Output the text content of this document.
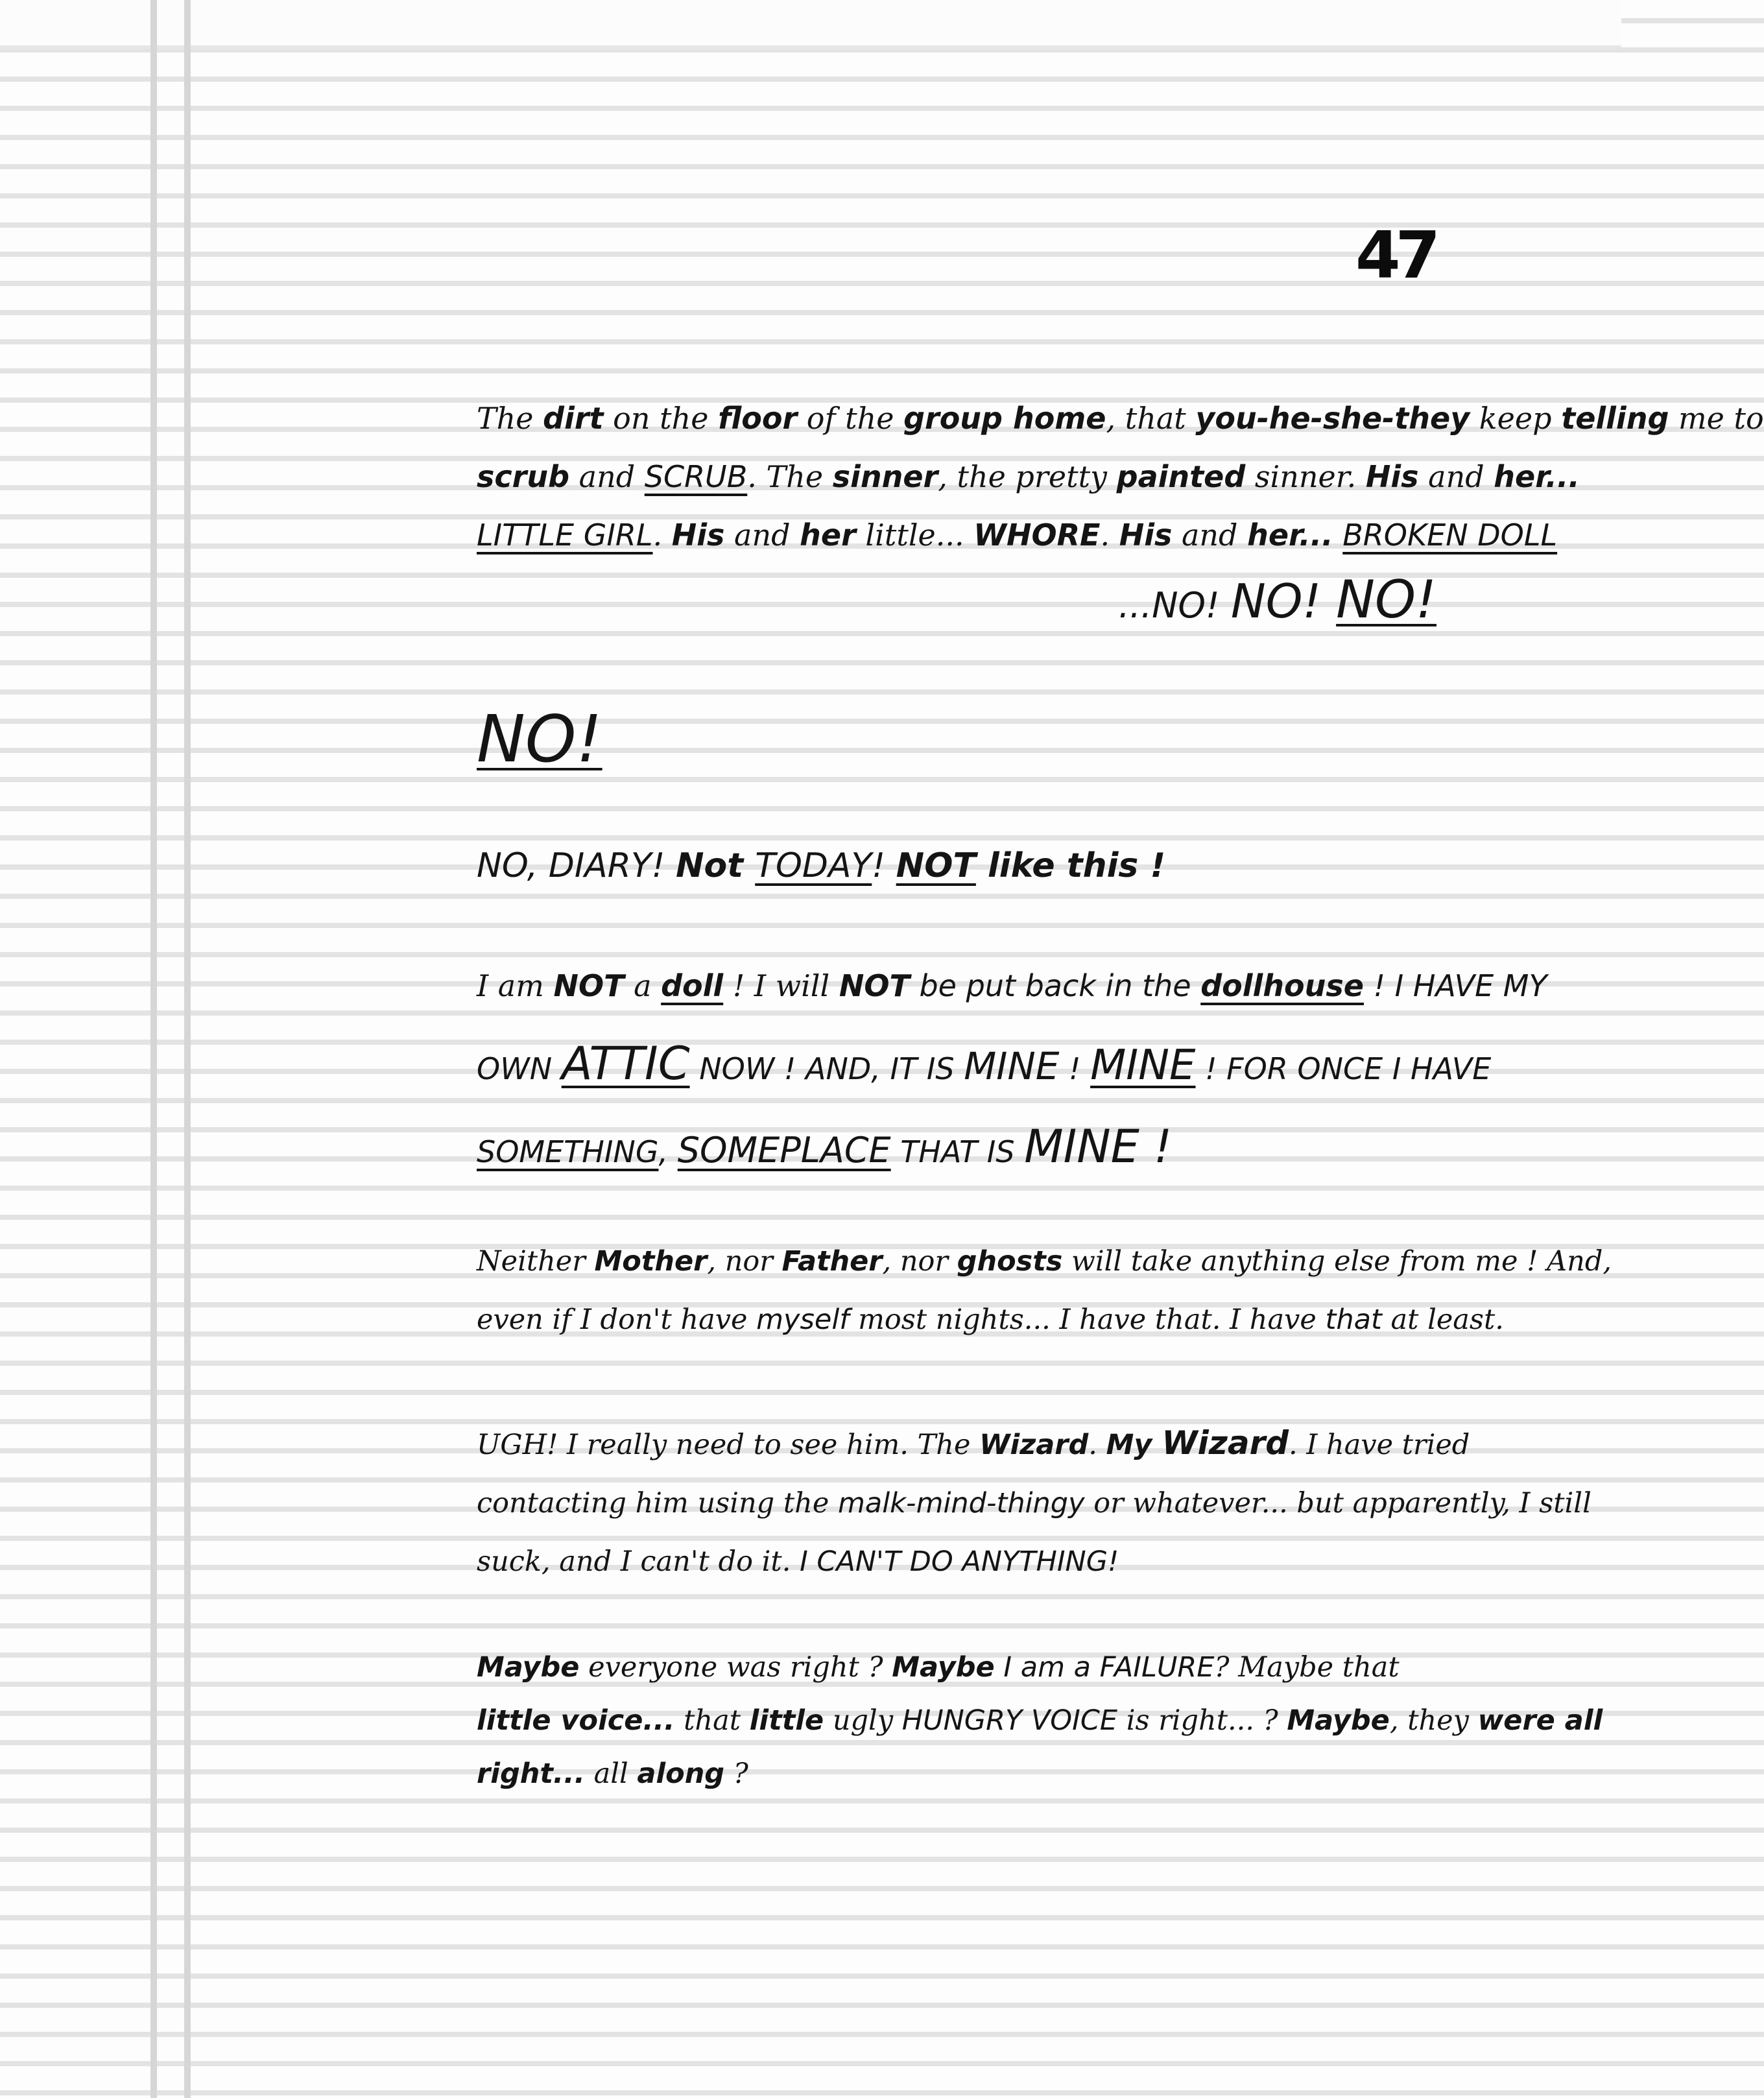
47
The dirt on the floor of the group home, that you-he-she-they keep telling me to
scrub and SCRUB. The sinner, the pretty painted sinner. His and her...
LITTLE GIRL. His and her little... WHORE. His and her... BROKEN DOLL
...NO! NO! NO!
NO!
NO, DIARY! Not TODAY! NOT like this !
I am NOT a doll ! I will NOT be put back in the dollhouse ! I HAVE MY
OWN ATTIC NOW ! AND, IT IS MINE ! MINE ! FOR ONCE I HAVE
SOMETHING, SOMEPLACE THAT IS MINE !
Neither Mother, nor Father, nor ghosts will take anything else from me ! And,
even if I don't have myself most nights... I have that. I have that at least.
UGH! I really need to see him. The Wizard. My Wizard. I have tried
contacting him using the malk-mind-thingy or whatever... but apparently, I still
suck, and I can't do it. I CAN'T DO ANYTHING!
Maybe everyone was right ? Maybe I am a FAILURE? Maybe that
little voice... that little ugly HUNGRY VOICE is right... ? Maybe, they were all
right... all along ?
